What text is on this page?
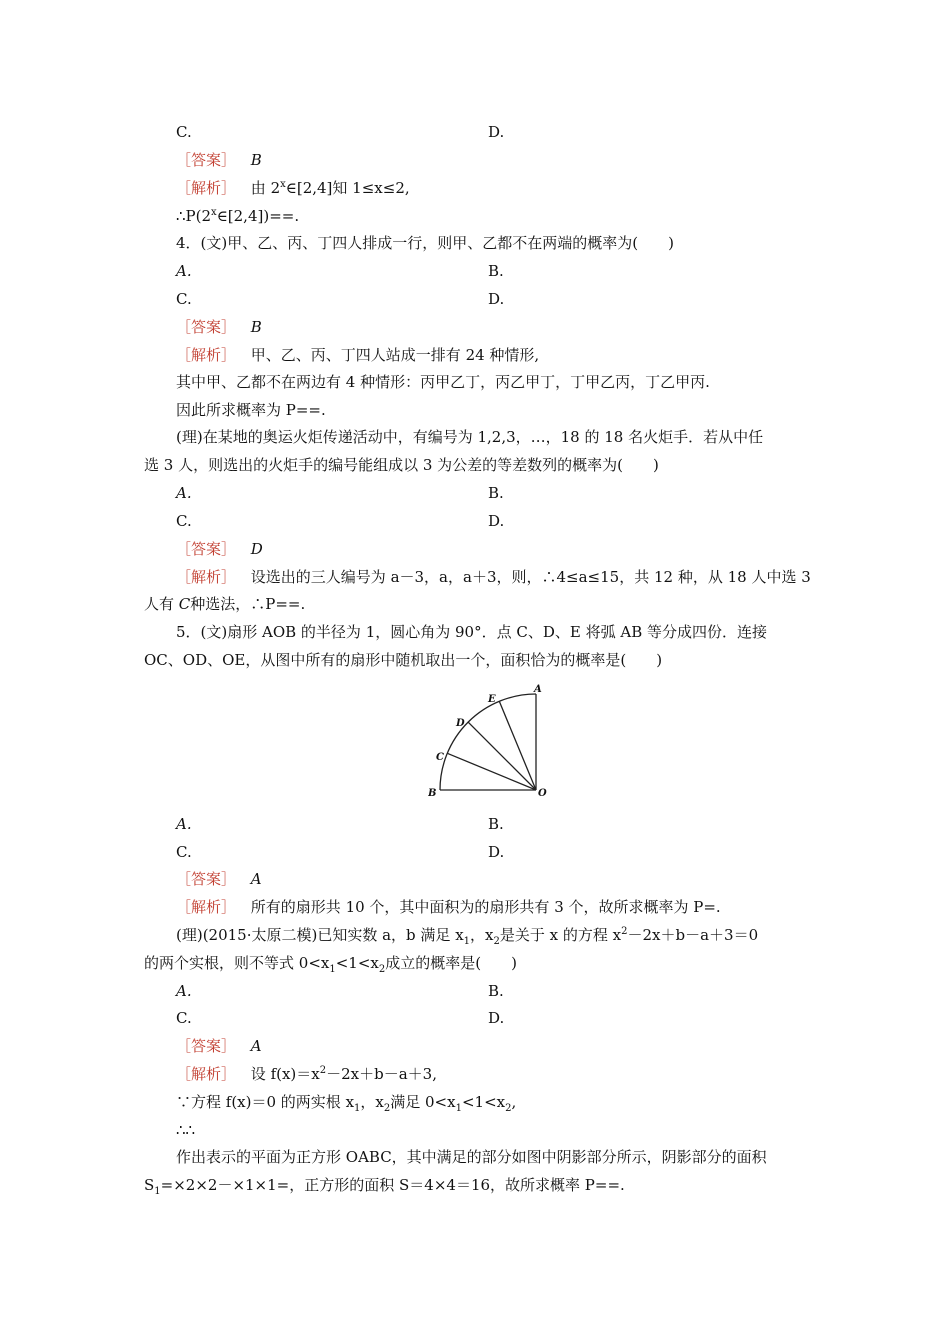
C.	D.
［答案］ B
［解析］ 由 2$^x$∈[2,4]知 1≤x≤2,
$\therefore P(2^x\in[2,4])==$.
4．(文)甲、乙、丙、丁四人排成一行，则甲、乙都不在两端的概率为(　　)
A.	B.
C.	D.
［答案］ B
［解析］ 甲、乙、丙、丁四人站成一排有 24 种情形,
其中甲、乙都不在两边有 4 种情形：丙甲乙丁，丙乙甲丁，丁甲乙丙，丁乙甲丙.
因此所求概率为 P==.
(理)在某地的奥运火炬传递活动中，有编号为 1,2,3，…，18 的 18 名火炬手．若从中任
选 3 人，则选出的火炬手的编号能组成以 3 为公差的等差数列的概率为(　　)
A.	B.
C.	D.
［答案］ D
［解析］ 设选出的三人编号为 a－3，a，a＋3，则，∴4≤a≤15，共 12 种，从 18 人中选 3
人有 C种选法，∴P==.
5．(文)扇形 AOB 的半径为 1，圆心角为 90°．点 C、D、E 将弧 AB 等分成四份．连接
OC、OD、OE，从图中所有的扇形中随机取出一个，面积恰为的概率是(　　)
A
B
C
D
E
O
A.	B.
C.	D.
［答案］ A
［解析］ 所有的扇形共 10 个，其中面积为的扇形共有 3 个，故所求概率为 P=.
(理)(2015·太原二模)已知实数 a，b 满足 $x_1$，$x_2$是关于 x 的方程 $x^2-2x+b-a+3=0$
的两个实根，则不等式 $0<x_1<1<x_2$成立的概率是(　　)
A.	B.
C.	D.
［答案］ A
［解析］ 设 $f(x)=x^2-2x+b-a+3$,
∵方程 f(x)＝0 的两实根 $x_1$，$x_2$满足 $0<x_1<1<x_2$,
∴∴
作出表示的平面为正方形 OABC，其中满足的部分如图中阴影部分所示，阴影部分的面积
$S_1=\times 2\times 2-\times 1\times 1=$，正方形的面积 S＝4×4＝16，故所求概率 P==.
